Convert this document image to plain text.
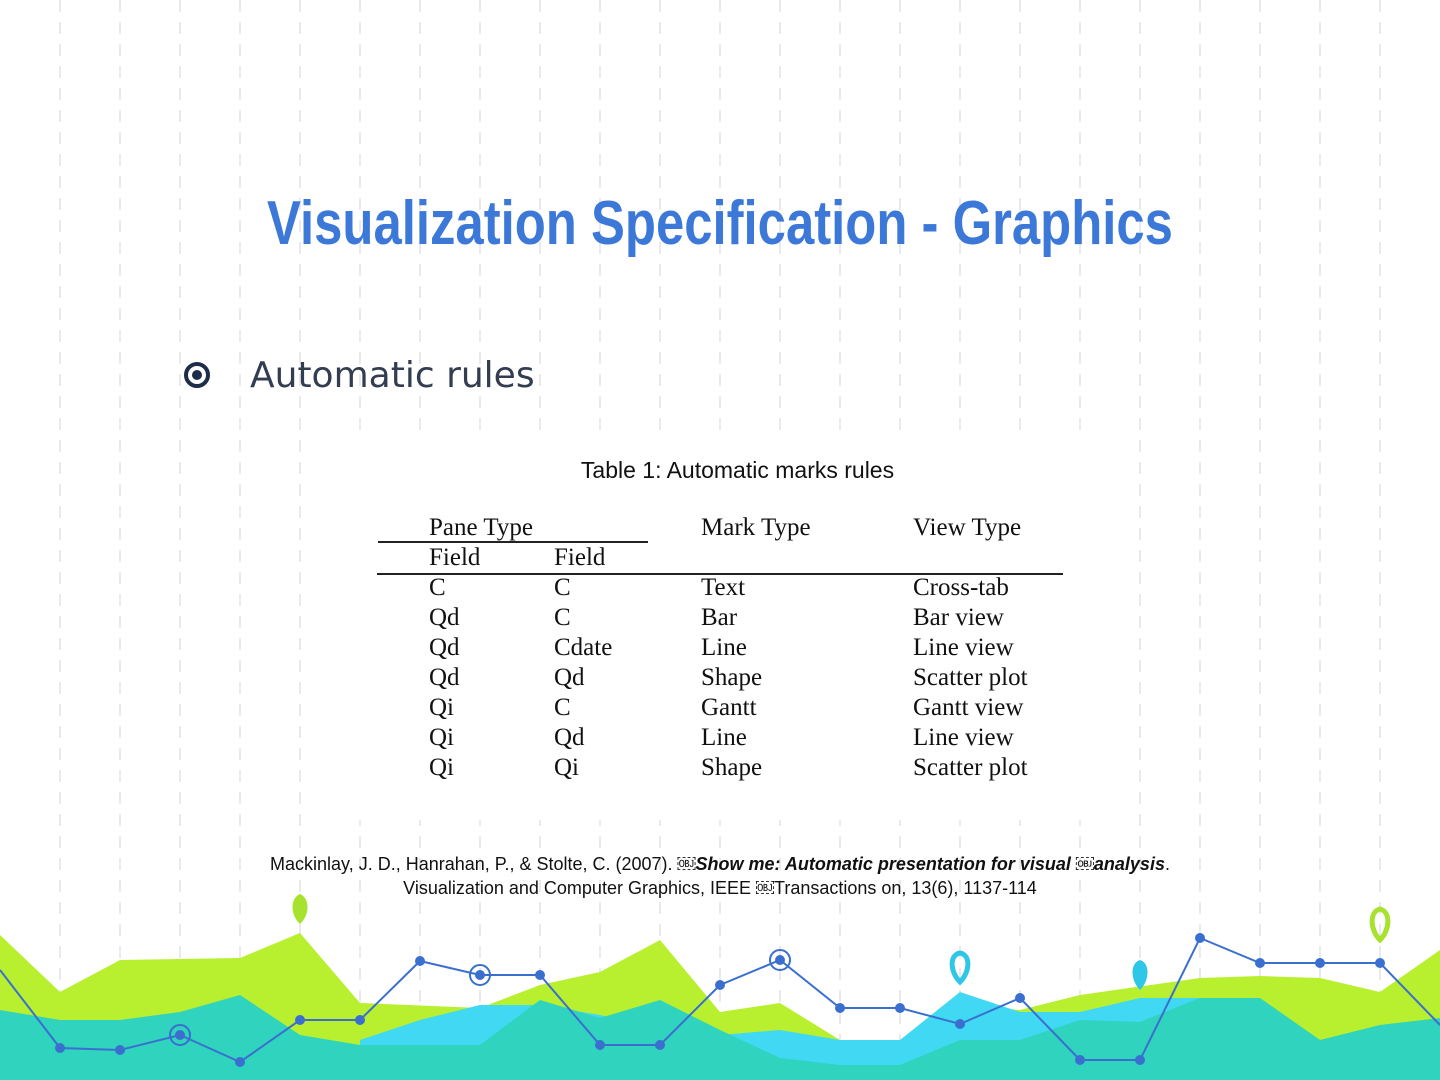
Visualization Specification - Graphics
Automatic rules
Table 1: Automatic marks rules
	Pane Type		Mark Type	View Type
	Field	Field		
	C	C	Text	Cross-tab
	Qd	C	Bar	Bar view
	Qd	Cdate	Line	Line view
	Qd	Qd	Shape	Scatter plot
	Qi	C	Gantt	Gantt view
	Qi	Qd	Line	Line view
	Qi	Qi	Shape	Scatter plot
Mackinlay, J. D., Hanrahan, P., & Stolte, C. (2007). ￼Show me: Automatic presentation for visual ￼analysis.
Visualization and Computer Graphics, IEEE ￼Transactions on, 13(6), 1137-114
